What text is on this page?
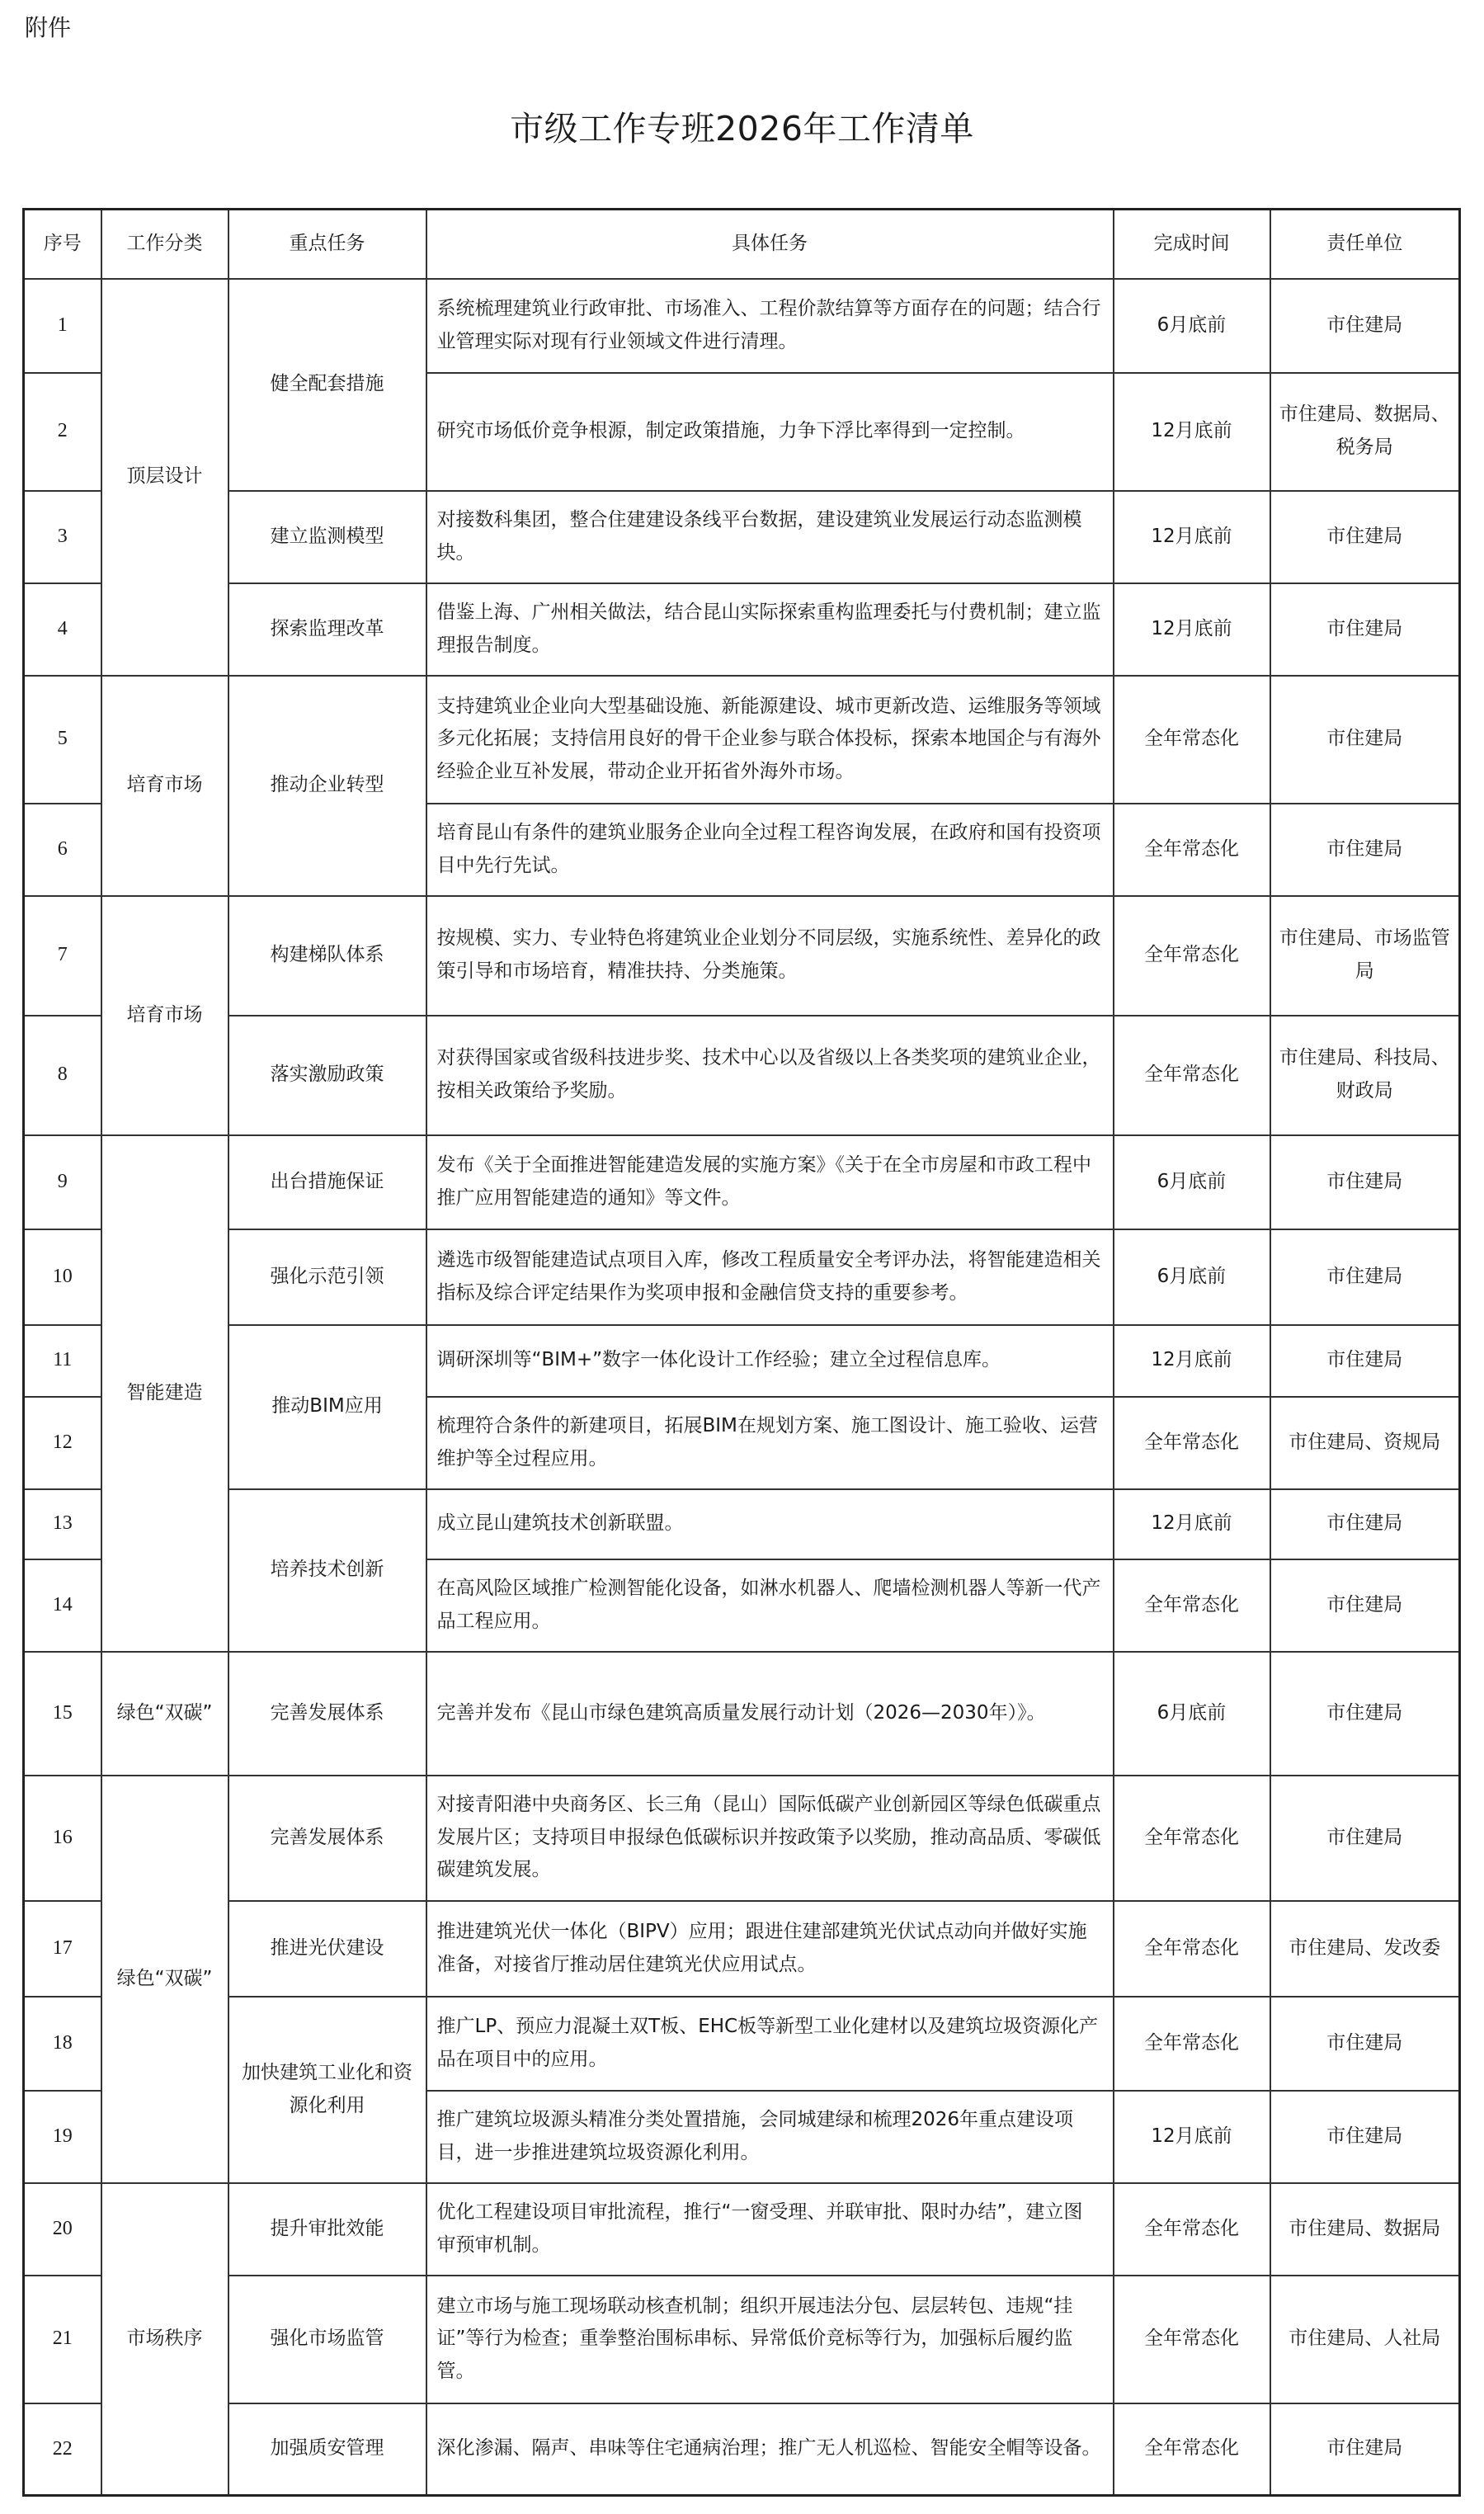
附件
市级工作专班2026年工作清单
序号	工作分类	重点任务	具体任务	完成时间	责任单位
1	顶层设计	健全配套措施	系统梳理建筑业行政审批、市场准入、工程价款结算等方面存在的问题；结合行业管理实际对现有行业领域文件进行清理。	6月底前	市住建局
2			研究市场低价竞争根源，制定政策措施，力争下浮比率得到一定控制。	12月底前	市住建局、数据局、税务局
3		建立监测模型	对接数科集团，整合住建建设条线平台数据，建设建筑业发展运行动态监测模块。	12月底前	市住建局
4		探索监理改革	借鉴上海、广州相关做法，结合昆山实际探索重构监理委托与付费机制；建立监理报告制度。	12月底前	市住建局
5	培育市场	推动企业转型	支持建筑业企业向大型基础设施、新能源建设、城市更新改造、运维服务等领域多元化拓展；支持信用良好的骨干企业参与联合体投标，探索本地国企与有海外经验企业互补发展，带动企业开拓省外海外市场。	全年常态化	市住建局
6			培育昆山有条件的建筑业服务企业向全过程工程咨询发展，在政府和国有投资项目中先行先试。	全年常态化	市住建局
7	培育市场	构建梯队体系	按规模、实力、专业特色将建筑业企业划分不同层级，实施系统性、差异化的政策引导和市场培育，精准扶持、分类施策。	全年常态化	市住建局、市场监管局
8		落实激励政策	对获得国家或省级科技进步奖、技术中心以及省级以上各类奖项的建筑业企业，按相关政策给予奖励。	全年常态化	市住建局、科技局、财政局
9	智能建造	出台措施保证	发布《关于全面推进智能建造发展的实施方案》《关于在全市房屋和市政工程中推广应用智能建造的通知》等文件。	6月底前	市住建局
10		强化示范引领	遴选市级智能建造试点项目入库，修改工程质量安全考评办法，将智能建造相关指标及综合评定结果作为奖项申报和金融信贷支持的重要参考。	6月底前	市住建局
11		推动BIM应用	调研深圳等“BIM+”数字一体化设计工作经验；建立全过程信息库。	12月底前	市住建局
12			梳理符合条件的新建项目，拓展BIM在规划方案、施工图设计、施工验收、运营维护等全过程应用。	全年常态化	市住建局、资规局
13		培养技术创新	成立昆山建筑技术创新联盟。	12月底前	市住建局
14			在高风险区域推广检测智能化设备，如淋水机器人、爬墙检测机器人等新一代产品工程应用。	全年常态化	市住建局
15	绿色“双碳”	完善发展体系	完善并发布《昆山市绿色建筑高质量发展行动计划（2026—2030年）》。	6月底前	市住建局
16	绿色“双碳”	完善发展体系	对接青阳港中央商务区、长三角（昆山）国际低碳产业创新园区等绿色低碳重点发展片区；支持项目申报绿色低碳标识并按政策予以奖励，推动高品质、零碳低碳建筑发展。	全年常态化	市住建局
17		推进光伏建设	推进建筑光伏一体化（BIPV）应用；跟进住建部建筑光伏试点动向并做好实施准备，对接省厅推动居住建筑光伏应用试点。	全年常态化	市住建局、发改委
18		加快建筑工业化和资源化利用	推广LP、预应力混凝土双T板、EHC板等新型工业化建材以及建筑垃圾资源化产品在项目中的应用。	全年常态化	市住建局
19			推广建筑垃圾源头精准分类处置措施，会同城建绿和梳理2026年重点建设项目，进一步推进建筑垃圾资源化利用。	12月底前	市住建局
20	市场秩序	提升审批效能	优化工程建设项目审批流程，推行“一窗受理、并联审批、限时办结”，建立图审预审机制。	全年常态化	市住建局、数据局
21		强化市场监管	建立市场与施工现场联动核查机制；组织开展违法分包、层层转包、违规“挂证”等行为检查；重拳整治围标串标、异常低价竞标等行为，加强标后履约监管。	全年常态化	市住建局、人社局
22		加强质安管理	深化渗漏、隔声、串味等住宅通病治理；推广无人机巡检、智能安全帽等设备。	全年常态化	市住建局
